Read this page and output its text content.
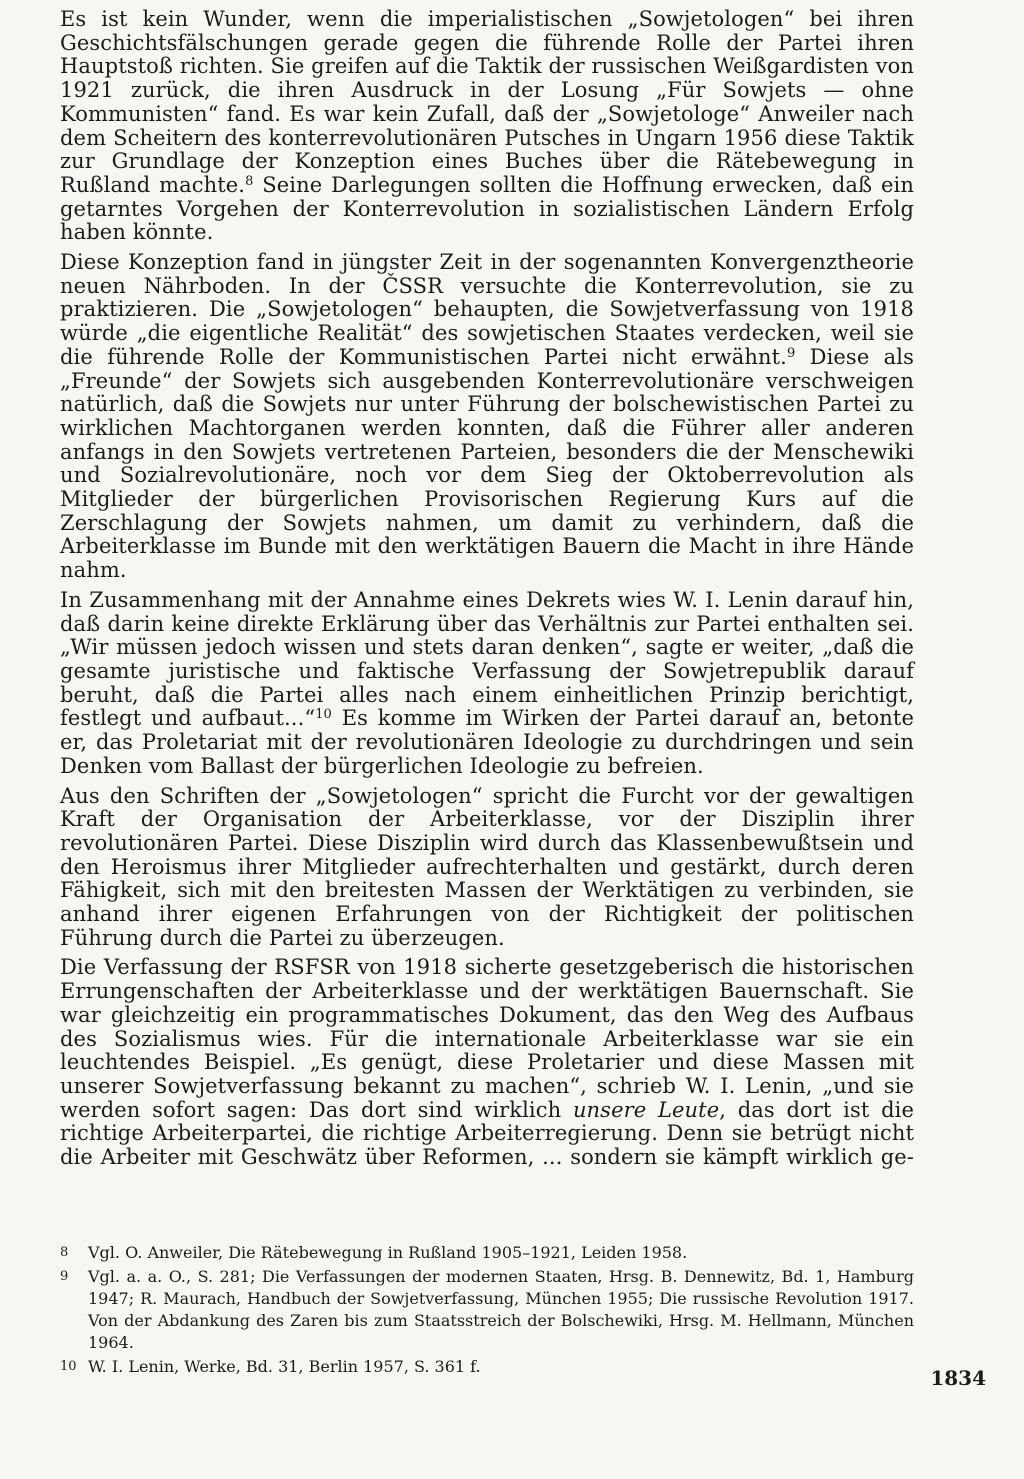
Es ist kein Wunder, wenn die imperialistischen „Sowjetologen“ bei ihren Geschichtsfälschungen gerade gegen die führende Rolle der Partei ihren Hauptstoß richten. Sie greifen auf die Taktik der russischen Weißgardisten von 1921 zurück, die ihren Ausdruck in der Losung „Für Sowjets — ohne Kommunisten“ fand. Es war kein Zufall, daß der „Sowjetologe“ Anweiler nach dem Scheitern des konterrevolutionären Putsches in Ungarn 1956 diese Taktik zur Grundlage der Konzeption eines Buches über die Rätebewegung in Rußland machte.$^8$ Seine Darlegungen sollten die Hoffnung erwecken, daß ein getarntes Vorgehen der Konterrevolution in sozialistischen Ländern Erfolg haben könnte.

Diese Konzeption fand in jüngster Zeit in der sogenannten Konvergenztheorie neuen Nährboden. In der ČSSR versuchte die Konterrevolution, sie zu praktizieren. Die „Sowjetologen“ behaupten, die Sowjetverfassung von 1918 würde „die eigentliche Realität“ des sowjetischen Staates verdecken, weil sie die führende Rolle der Kommunistischen Partei nicht erwähnt.$^9$ Diese als „Freunde“ der Sowjets sich ausgebenden Konterrevolutionäre verschweigen natürlich, daß die Sowjets nur unter Führung der bolschewistischen Partei zu wirklichen Machtorganen werden konnten, daß die Führer aller anderen anfangs in den Sowjets vertretenen Parteien, besonders die der Menschewiki und Sozialrevolutionäre, noch vor dem Sieg der Oktoberrevolution als Mitglieder der bürgerlichen Provisorischen Regierung Kurs auf die Zerschlagung der Sowjets nahmen, um damit zu verhindern, daß die Arbeiterklasse im Bunde mit den werktätigen Bauern die Macht in ihre Hände nahm.

In Zusammenhang mit der Annahme eines Dekrets wies W. I. Lenin darauf hin, daß darin keine direkte Erklärung über das Verhältnis zur Partei enthalten sei. „Wir müssen jedoch wissen und stets daran denken“, sagte er weiter, „daß die gesamte juristische und faktische Verfassung der Sowjetrepublik darauf beruht, daß die Partei alles nach einem einheitlichen Prinzip berichtigt, festlegt und aufbaut...“$^{10}$ Es komme im Wirken der Partei darauf an, betonte er, das Proletariat mit der revolutionären Ideologie zu durchdringen und sein Denken vom Ballast der bürgerlichen Ideologie zu befreien.

Aus den Schriften der „Sowjetologen“ spricht die Furcht vor der gewaltigen Kraft der Organisation der Arbeiterklasse, vor der Disziplin ihrer revolutionären Partei. Diese Disziplin wird durch das Klassenbewußtsein und den Heroismus ihrer Mitglieder aufrechterhalten und gestärkt, durch deren Fähigkeit, sich mit den breitesten Massen der Werktätigen zu verbinden, sie anhand ihrer eigenen Erfahrungen von der Richtigkeit der politischen Führung durch die Partei zu überzeugen.

Die Verfassung der RSFSR von 1918 sicherte gesetzgeberisch die historischen Errungenschaften der Arbeiterklasse und der werktätigen Bauernschaft. Sie war gleichzeitig ein programmatisches Dokument, das den Weg des Aufbaus des Sozialismus wies. Für die internationale Arbeiterklasse war sie ein leuchtendes Beispiel. „Es genügt, diese Proletarier und diese Massen mit unserer Sowjetverfassung bekannt zu machen“, schrieb W. I. Lenin, „und sie werden sofort sagen: Das dort sind wirklich unsere Leute, das dort ist die richtige Arbeiterpartei, die richtige Arbeiterregierung. Denn sie betrügt nicht die Arbeiter mit Geschwätz über Reformen, ... sondern sie kämpft wirklich ge-

8 Vgl. O. Anweiler, Die Rätebewegung in Rußland 1905–1921, Leiden 1958.
9 Vgl. a. a. O., S. 281; Die Verfassungen der modernen Staaten, Hrsg. B. Dennewitz, Bd. 1, Hamburg 1947; R. Maurach, Handbuch der Sowjetverfassung, München 1955; Die russische Revolution 1917. Von der Abdankung des Zaren bis zum Staatsstreich der Bolschewiki, Hrsg. M. Hellmann, München 1964.
10 W. I. Lenin, Werke, Bd. 31, Berlin 1957, S. 361 f.	1834
